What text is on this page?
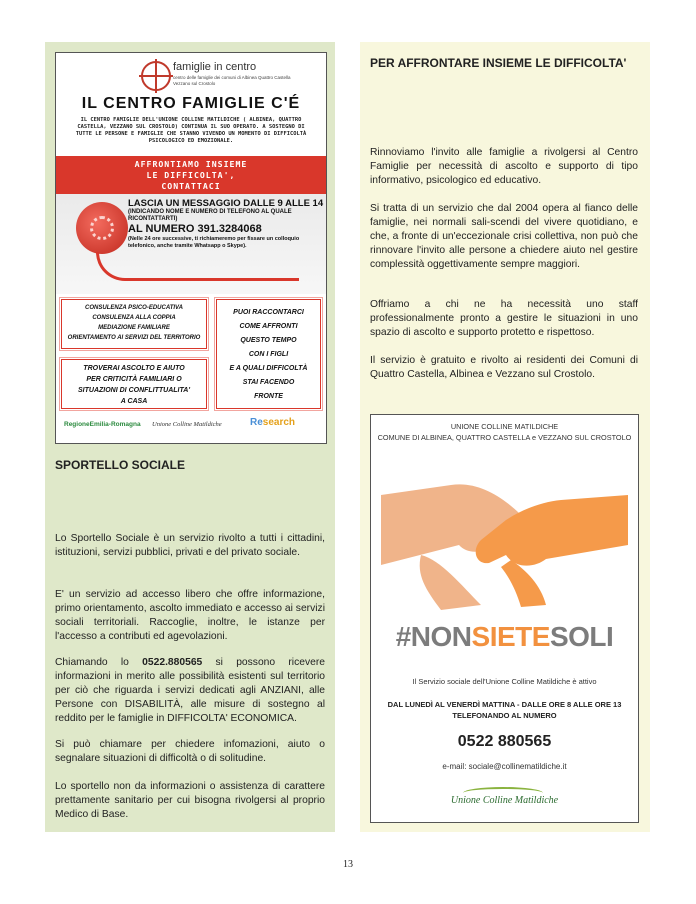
famiglie in centro
centro delle famiglie dei comuni di Albinea Quattro Castella Vezzano sul Crostolo
IL CENTRO FAMIGLIE C'É
IL CENTRO FAMIGLIE DELL'UNIONE COLLINE MATILDICHE ( ALBINEA, QUATTRO CASTELLA, VEZZANO SUL CROSTOLO) CONTINUA IL SUO OPERATO. A SOSTEGNO DI TUTTE LE PERSONE E FAMIGLIE CHE STANNO VIVENDO UN MOMENTO DI DIFFICOLTÀ PSICOLOGICO ED EMOZIONALE.
AFFRONTIAMO INSIEME
LE DIFFICOLTA',
CONTATTACI
LASCIA UN MESSAGGIO DALLE 9 ALLE 14
(INDICANDO NOME E NUMERO DI TELEFONO AL QUALE RICONTATTARTI)
AL NUMERO 391.3284068
(Nelle 24 ore successive, ti richiameremo per fissare un colloquio telefonico, anche tramite Whatsapp o Skype).
CONSULENZA PSICO-EDUCATIVA
CONSULENZA ALLA COPPIA
MEDIAZIONE FAMILIARE
ORIENTAMENTO AI SERVIZI DEL TERRITORIO
TROVERAI ASCOLTO E AIUTO
PER CRITICITÀ FAMILIARI O
SITUAZIONI DI CONFLITTUALITA'
A CASA
PUOI RACCONTARCI
COME AFFRONTI
QUESTO TEMPO
CON I FIGLI
E A QUALI DIFFICOLTÀ
STAI FACENDO
FRONTE
RegioneEmilia-Romagna Unione Colline Matildiche	Research
SPORTELLO SOCIALE

Lo Sportello Sociale è un servizio rivolto a tutti i cittadini, istituzioni, servizi pubblici, privati e del privato sociale.

E' un servizio ad accesso libero che offre informazione, primo orientamento, ascolto immediato e accesso ai servizi sociali territoriali. Raccoglie, inoltre, le istanze per l'accesso a contributi ed agevolazioni.

Chiamando lo 0522.880565 si possono ricevere informazioni in merito alle possibilità esistenti sul territorio per ciò che riguarda i servizi dedicati agli ANZIANI, alle Persone con DISABILITÀ, alle misure di sostegno al reddito per le famiglie in DIFFICOLTA' ECONOMICA.

Si può chiamare per chiedere infomazioni, aiuto o segnalare situazioni di difficoltà o di solitudine.

Lo sportello non da informazioni o assistenza di carattere prettamente sanitario per cui bisogna rivolgersi al proprio Medico di Base.

PER AFFRONTARE INSIEME LE DIFFICOLTA'

Rinnoviamo l'invito alle famiglie a rivolgersi al Centro Famiglie per necessità di ascolto e supporto di tipo informativo, psicologico ed educativo.

Si tratta di un servizio che dal 2004 opera al fianco delle famiglie, nei normali sali-scendi del vivere quotidiano, e che, a fronte di un'eccezionale crisi collettiva, non può che rinnovare l'invito alle persone a chiedere aiuto nel gestire complessità oggettivamente sempre maggiori.

Offriamo a chi ne ha necessità uno staff professionalmente pronto a gestire le situazioni in uno spazio di ascolto e supporto protetto e rispettoso.

Il servizio è gratuito e rivolto ai residenti dei Comuni di Quattro Castella, Albinea e Vezzano sul Crostolo.

UNIONE COLLINE MATILDICHE
COMUNE DI ALBINEA, QUATTRO CASTELLA e VEZZANO SUL CROSTOLO
#NONSIETESOLI
Il Servizio sociale dell'Unione Colline Matildiche è attivo
DAL LUNEDÌ AL VENERDÌ MATTINA - DALLE ORE 8 ALLE ORE 13
TELEFONANDO AL NUMERO
0522 880565
e-mail: sociale@collinematildiche.it
Unione Colline Matildiche
13
